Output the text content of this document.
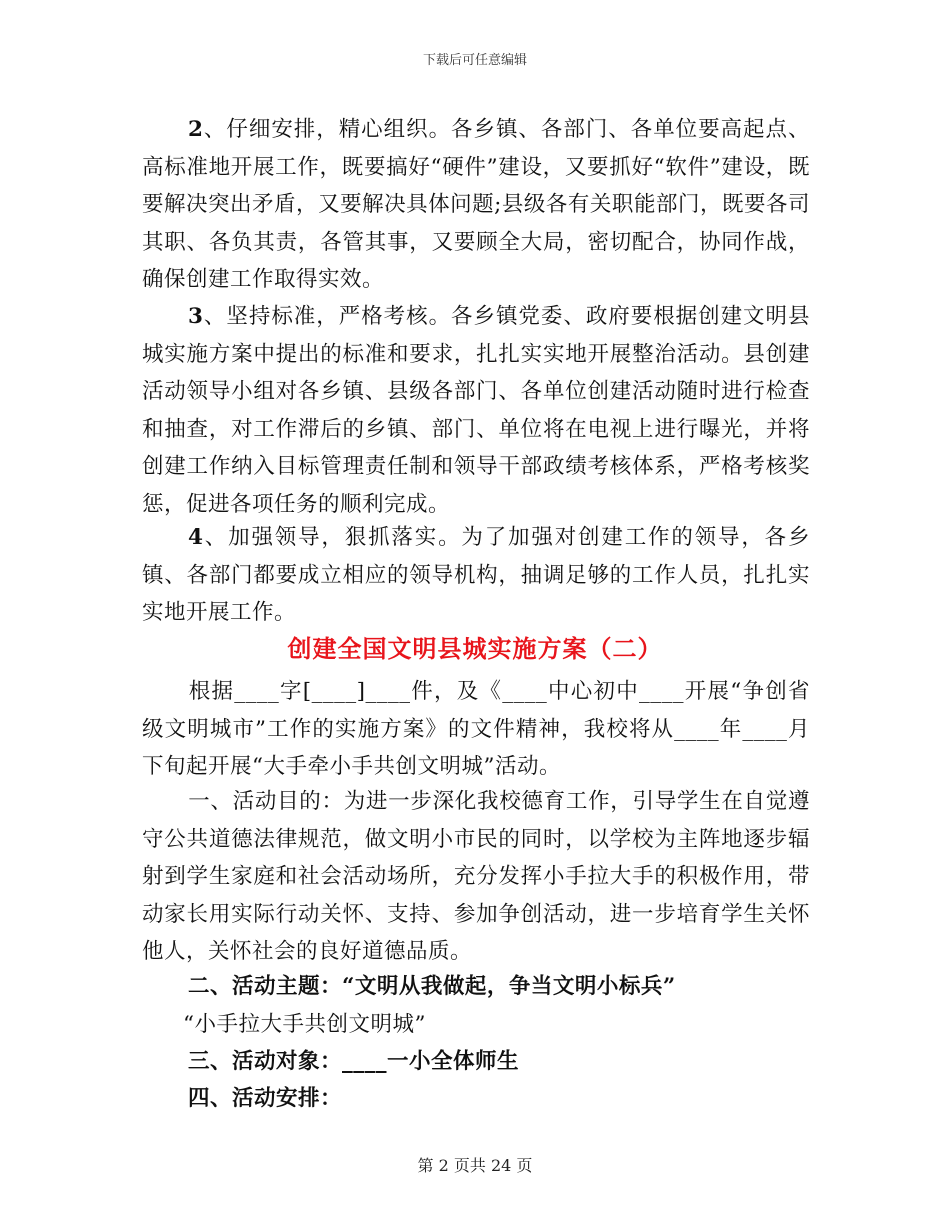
下载后可任意编辑

2、仔细安排，精心组织。各乡镇、各部门、各单位要高起点、高标准地开展工作，既要搞好“硬件”建设，又要抓好“软件”建设，既要解决突出矛盾，又要解决具体问题;县级各有关职能部门，既要各司其职、各负其责，各管其事，又要顾全大局，密切配合，协同作战，确保创建工作取得实效。

3、坚持标准，严格考核。各乡镇党委、政府要根据创建文明县城实施方案中提出的标准和要求，扎扎实实地开展整治活动。县创建活动领导小组对各乡镇、县级各部门、各单位创建活动随时进行检查和抽查，对工作滞后的乡镇、部门、单位将在电视上进行曝光，并将创建工作纳入目标管理责任制和领导干部政绩考核体系，严格考核奖惩，促进各项任务的顺利完成。

4、加强领导，狠抓落实。为了加强对创建工作的领导，各乡镇、各部门都要成立相应的领导机构，抽调足够的工作人员，扎扎实实地开展工作。

创建全国文明县城实施方案（二）

根据____字[____]____件，及《____中心初中____开展“争创省级文明城市”工作的实施方案》的文件精神，我校将从____年____月下旬起开展“大手牵小手共创文明城”活动。

一、活动目的：为进一步深化我校德育工作，引导学生在自觉遵守公共道德法律规范，做文明小市民的同时，以学校为主阵地逐步辐射到学生家庭和社会活动场所，充分发挥小手拉大手的积极作用，带动家长用实际行动关怀、支持、参加争创活动，进一步培育学生关怀他人，关怀社会的良好道德品质。

二、活动主题：“文明从我做起，争当文明小标兵”
“小手拉大手共创文明城”
三、活动对象：____一小全体师生
四、活动安排：
第 2 页共 24 页
